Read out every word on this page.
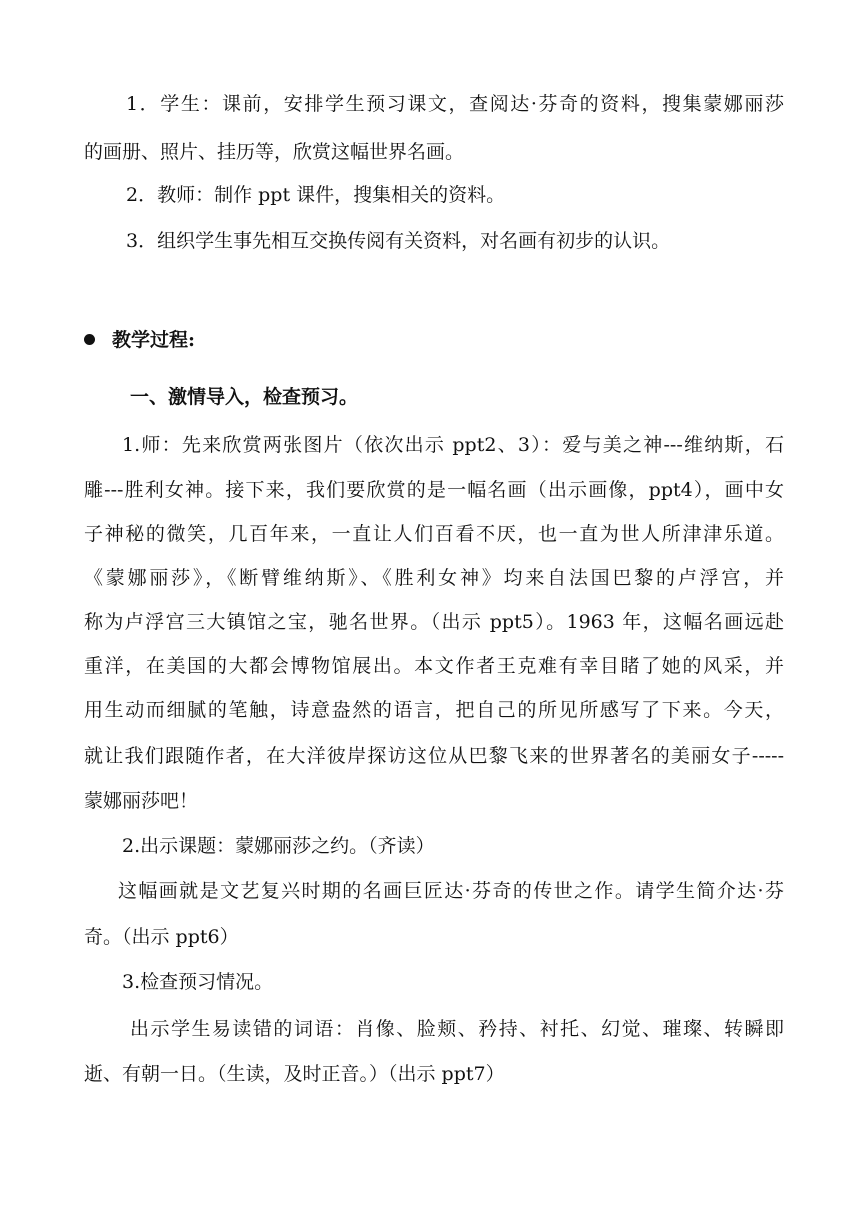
1．学生：课前，安排学生预习课文，查阅达·芬奇的资料，搜集蒙娜丽莎
的画册、照片、挂历等，欣赏这幅世界名画。
2．教师：制作 ppt 课件，搜集相关的资料。
3．组织学生事先相互交换传阅有关资料，对名画有初步的认识。
教学过程:
一、激情导入，检查预习。
1.师：先来欣赏两张图片（依次出示 ppt2、3）：爱与美之神---维纳斯，石
雕---胜利女神。接下来，我们要欣赏的是一幅名画（出示画像，ppt4），画中女
子神秘的微笑，几百年来，一直让人们百看不厌，也一直为世人所津津乐道。
《蒙娜丽莎》，《断臂维纳斯》、《胜利女神》均来自法国巴黎的卢浮宫，并
称为卢浮宫三大镇馆之宝，驰名世界。（出示 ppt5）。1963 年，这幅名画远赴
重洋，在美国的大都会博物馆展出。本文作者王克难有幸目睹了她的风采，并
用生动而细腻的笔触，诗意盎然的语言，把自己的所见所感写了下来。今天，
就让我们跟随作者，在大洋彼岸探访这位从巴黎飞来的世界著名的美丽女子-----
蒙娜丽莎吧！
2.出示课题：蒙娜丽莎之约。（齐读）
这幅画就是文艺复兴时期的名画巨匠达·芬奇的传世之作。请学生简介达·芬
奇。（出示 ppt6）
3.检查预习情况。
出示学生易读错的词语：肖像、脸颊、矜持、衬托、幻觉、璀璨、转瞬即
逝、有朝一日。（生读，及时正音。）（出示 ppt7）
